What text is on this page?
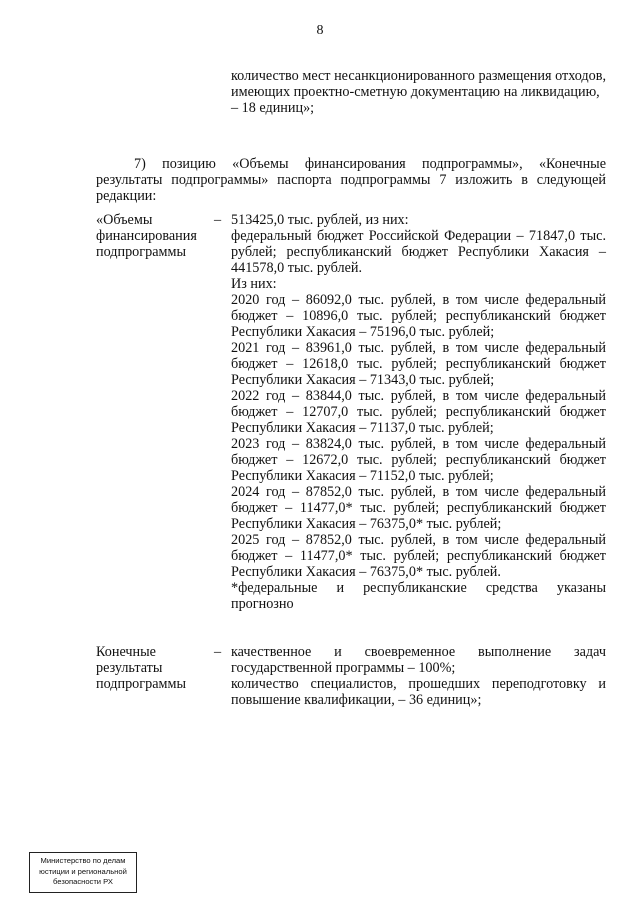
8

количество мест несанкционированного размещения отходов,

имеющих проектно-сметную документацию на ликвидацию,

– 18 единиц»;

7) позицию «Объемы финансирования подпрограммы», «Конечные
результаты подпрограммы» паспорта подпрограммы 7 изложить в следующей
редакции:
«Объемы
финансирования
подпрограммы
– 513425,0 тыс. рублей, из них:
федеральный бюджет Российской Федерации – 71847,0 тыс.
рублей; республиканский бюджет Республики Хакасия –
441578,0 тыс. рублей.
Из них:
2020 год – 86092,0 тыс. рублей, в том числе федеральный
бюджет – 10896,0 тыс. рублей; республиканский бюджет
Республики Хакасия – 75196,0 тыс. рублей;
2021 год – 83961,0 тыс. рублей, в том числе федеральный
бюджет – 12618,0 тыс. рублей; республиканский бюджет
Республики Хакасия – 71343,0 тыс. рублей;
2022 год – 83844,0 тыс. рублей, в том числе федеральный
бюджет – 12707,0 тыс. рублей; республиканский бюджет
Республики Хакасия – 71137,0 тыс. рублей;
2023 год – 83824,0 тыс. рублей, в том числе федеральный
бюджет – 12672,0 тыс. рублей; республиканский бюджет
Республики Хакасия – 71152,0 тыс. рублей;
2024 год – 87852,0 тыс. рублей, в том числе федеральный
бюджет – 11477,0* тыс. рублей; республиканский бюджет
Республики Хакасия – 76375,0* тыс. рублей;
2025 год – 87852,0 тыс. рублей, в том числе федеральный
бюджет – 11477,0* тыс. рублей; республиканский бюджет
Республики Хакасия – 76375,0* тыс. рублей.
*федеральные и республиканские средства указаны
прогнозно
Конечные
результаты
подпрограммы
– качественное и своевременное выполнение задач
государственной программы – 100%;
количество специалистов, прошедших переподготовку и
повышение квалификации, – 36 единиц»;
Министерство по делам
юстиции и региональной
безопасности РХ
